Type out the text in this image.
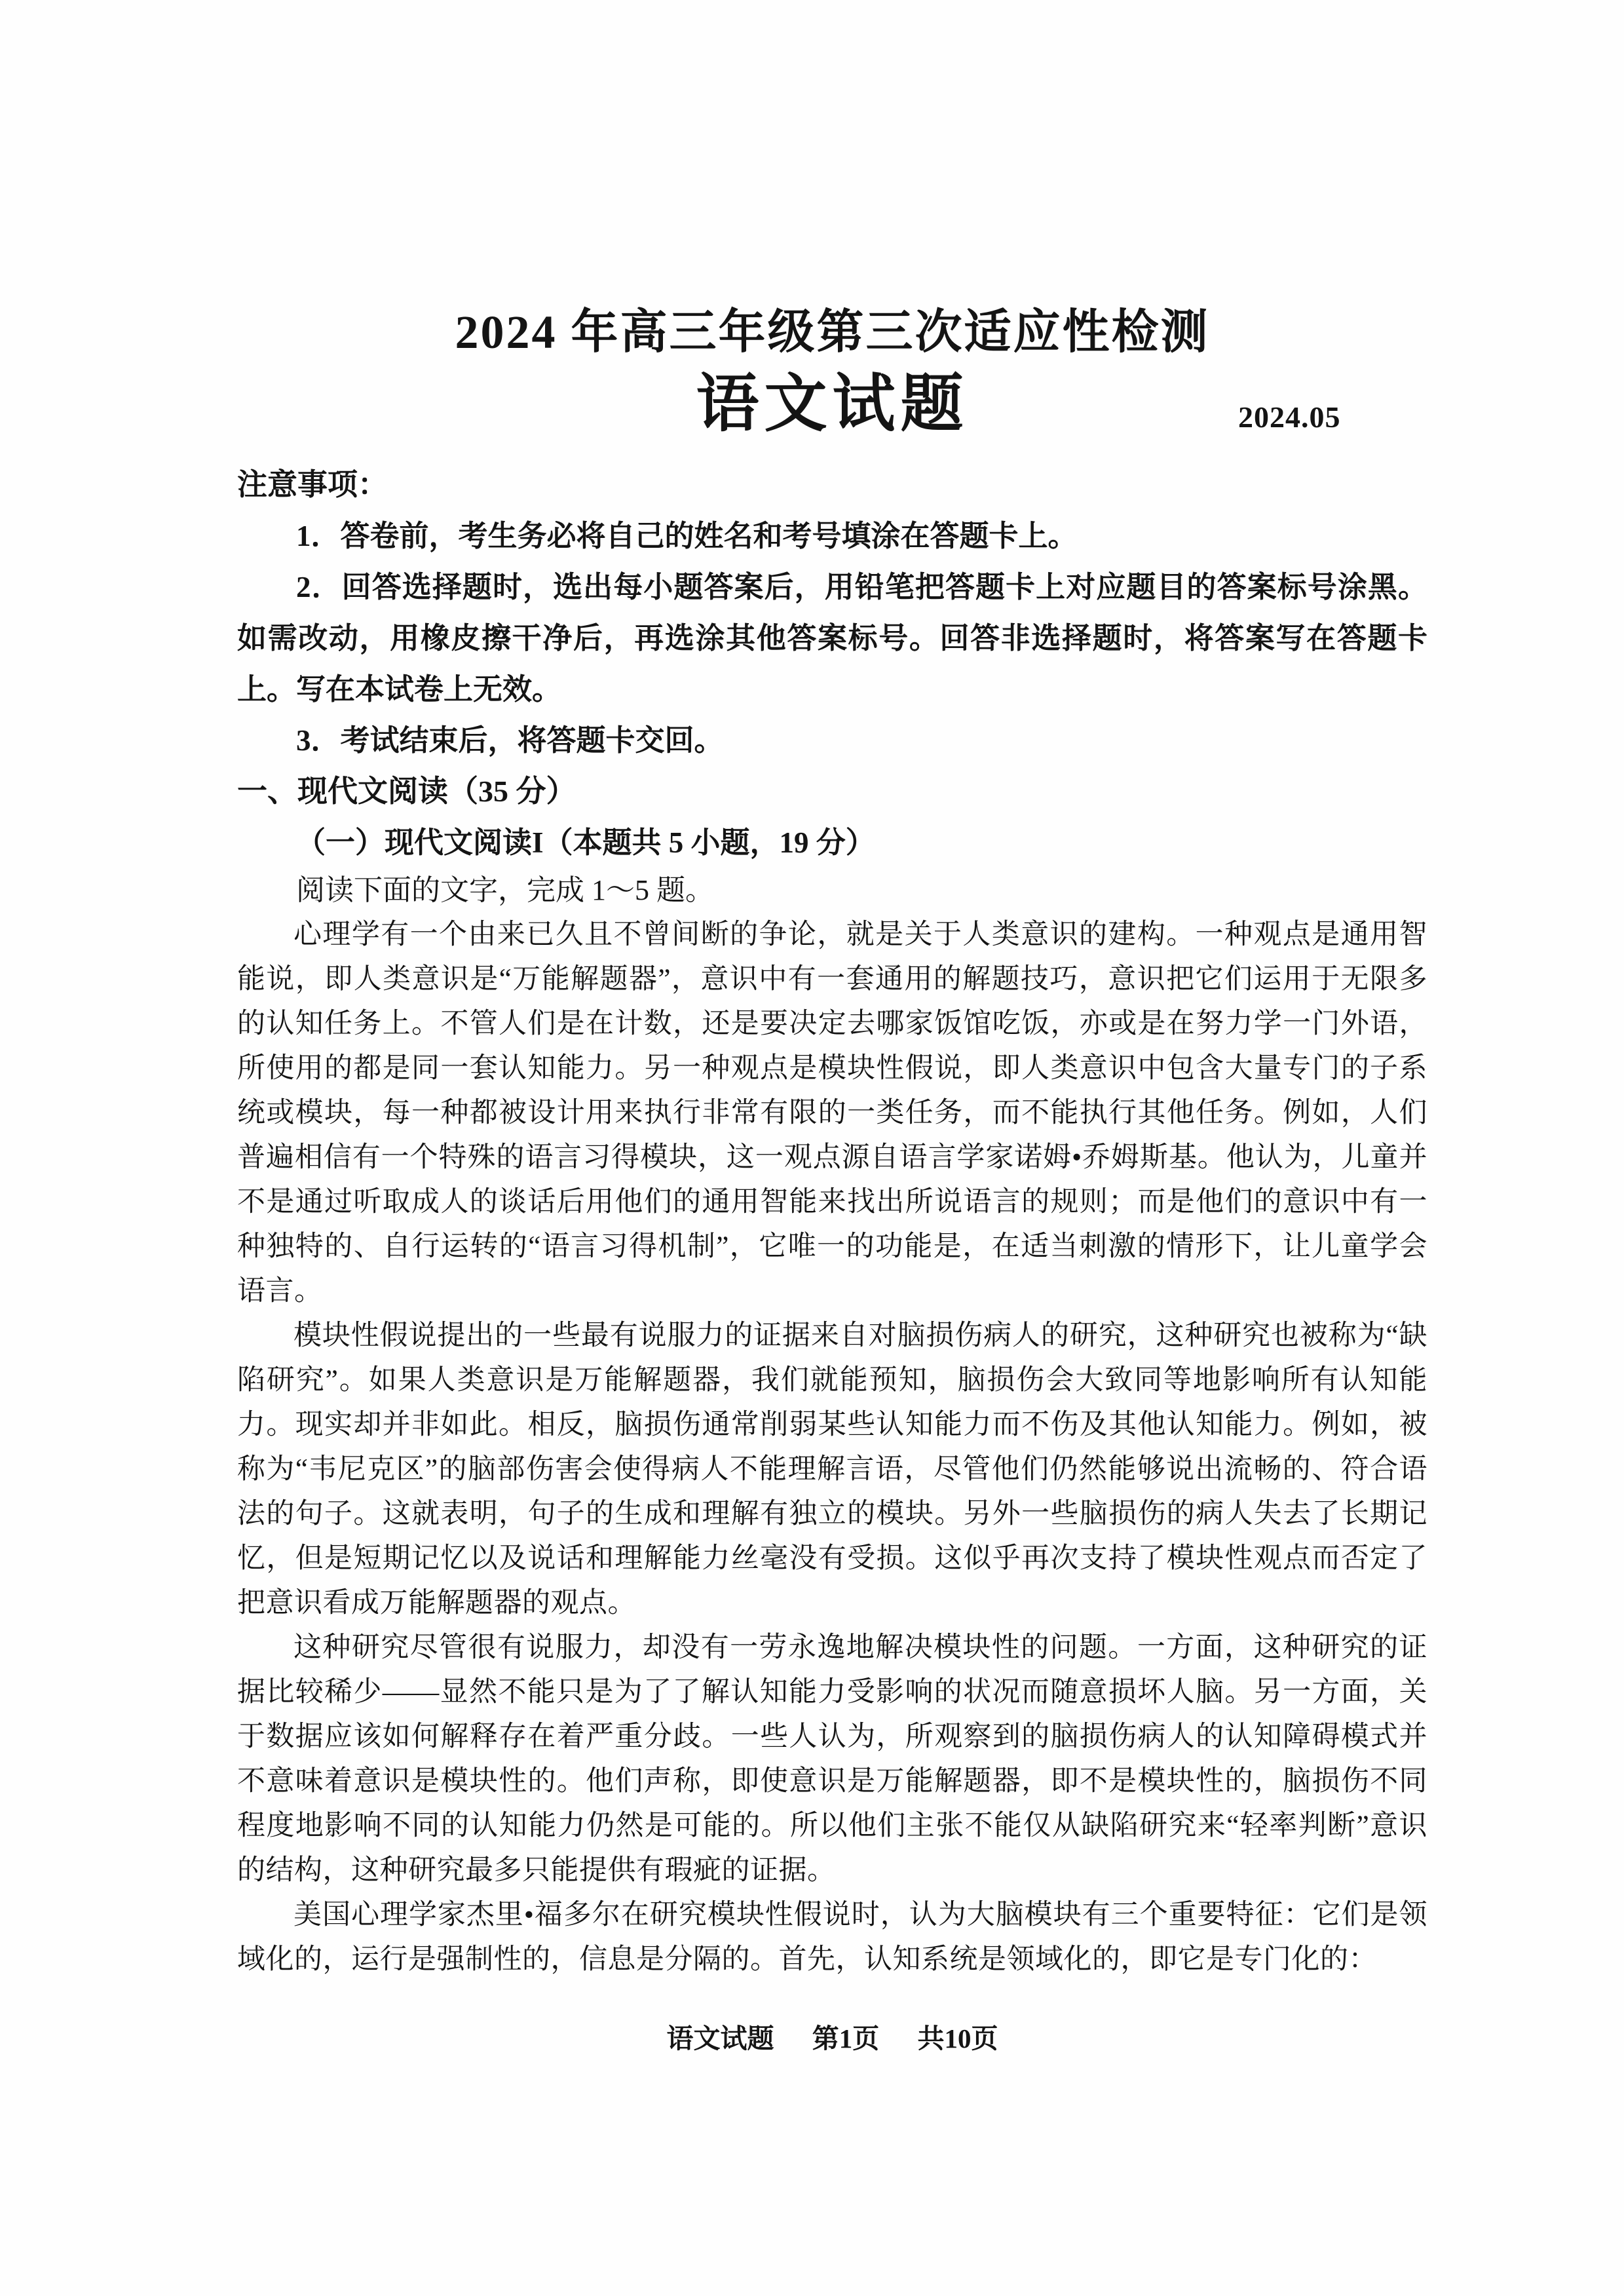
2024 年高三年级第三次适应性检测
语文试题	2024.05
注意事项：

1．答卷前，考生务必将自己的姓名和考号填涂在答题卡上。

2．回答选择题时，选出每小题答案后，用铅笔把答题卡上对应题目的答案标号涂黑。如需改动，用橡皮擦干净后，再选涂其他答案标号。回答非选择题时，将答案写在答题卡上。写在本试卷上无效。

3．考试结束后，将答题卡交回。

一、现代文阅读（35 分）
（一）现代文阅读I（本题共 5 小题，19 分）

阅读下面的文字，完成 1～5 题。

心理学有一个由来已久且不曾间断的争论，就是关于人类意识的建构。一种观点是通用智能说，即人类意识是“万能解题器”，意识中有一套通用的解题技巧，意识把它们运用于无限多的认知任务上。不管人们是在计数，还是要决定去哪家饭馆吃饭，亦或是在努力学一门外语，所使用的都是同一套认知能力。另一种观点是模块性假说，即人类意识中包含大量专门的子系统或模块，每一种都被设计用来执行非常有限的一类任务，而不能执行其他任务。例如，人们普遍相信有一个特殊的语言习得模块，这一观点源自语言学家诺姆•乔姆斯基。他认为，儿童并不是通过听取成人的谈话后用他们的通用智能来找出所说语言的规则；而是他们的意识中有一种独特的、自行运转的“语言习得机制”，它唯一的功能是，在适当刺激的情形下，让儿童学会语言。

模块性假说提出的一些最有说服力的证据来自对脑损伤病人的研究，这种研究也被称为“缺陷研究”。如果人类意识是万能解题器，我们就能预知，脑损伤会大致同等地影响所有认知能力。现实却并非如此。相反，脑损伤通常削弱某些认知能力而不伤及其他认知能力。例如，被称为“韦尼克区”的脑部伤害会使得病人不能理解言语，尽管他们仍然能够说出流畅的、符合语法的句子。这就表明，句子的生成和理解有独立的模块。另外一些脑损伤的病人失去了长期记忆，但是短期记忆以及说话和理解能力丝毫没有受损。这似乎再次支持了模块性观点而否定了把意识看成万能解题器的观点。

这种研究尽管很有说服力，却没有一劳永逸地解决模块性的问题。一方面，这种研究的证据比较稀少——显然不能只是为了了解认知能力受影响的状况而随意损坏人脑。另一方面，关于数据应该如何解释存在着严重分歧。一些人认为，所观察到的脑损伤病人的认知障碍模式并不意味着意识是模块性的。他们声称，即使意识是万能解题器，即不是模块性的，脑损伤不同程度地影响不同的认知能力仍然是可能的。所以他们主张不能仅从缺陷研究来“轻率判断”意识的结构，这种研究最多只能提供有瑕疵的证据。

美国心理学家杰里•福多尔在研究模块性假说时，认为大脑模块有三个重要特征：它们是领域化的，运行是强制性的，信息是分隔的。首先，认知系统是领域化的，即它是专门化的：

语文试题 第1页 共10页
